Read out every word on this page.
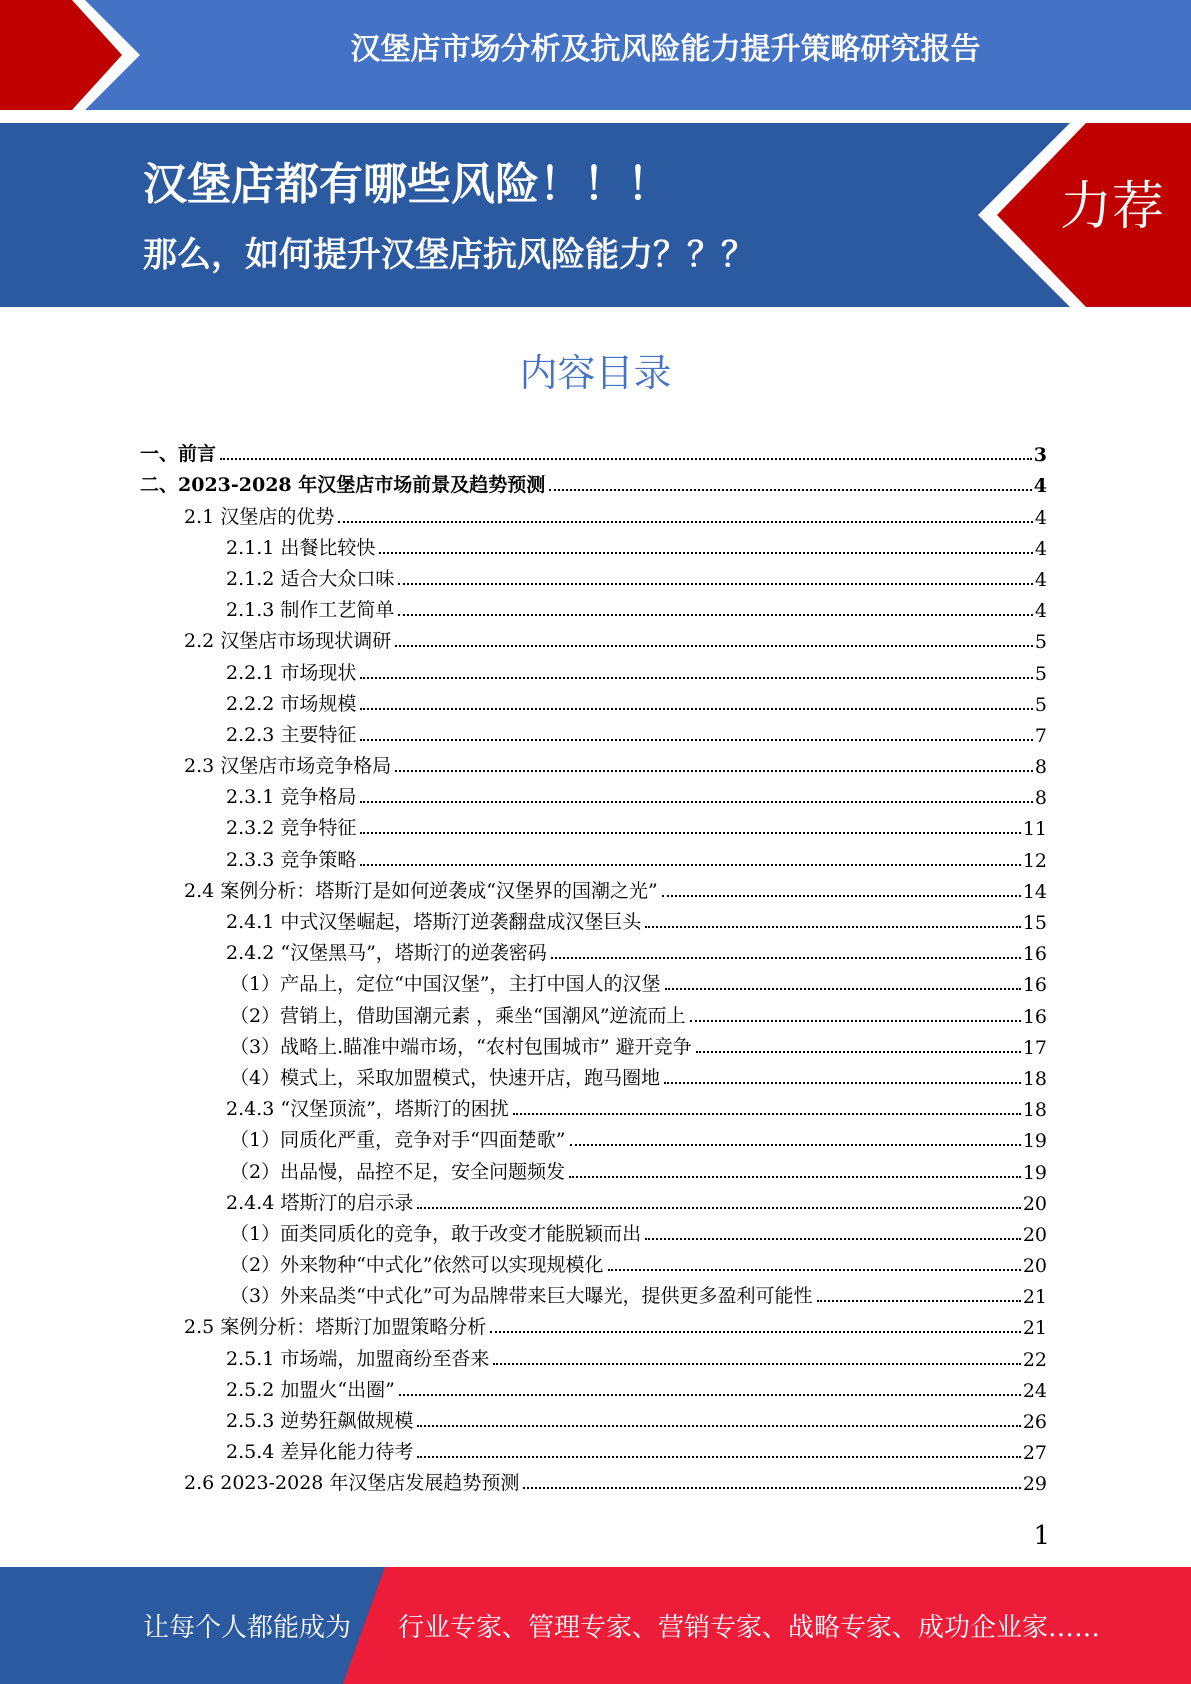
汉堡店市场分析及抗风险能力提升策略研究报告
汉堡店都有哪些风险！！！
那么，如何提升汉堡店抗风险能力？？？
力荐
内容目录
一、前言	3
二、2023-2028 年汉堡店市场前景及趋势预测	4
2.1 汉堡店的优势	4
2.1.1 出餐比较快	4
2.1.2 适合大众口味	4
2.1.3 制作工艺简单	4
2.2 汉堡店市场现状调研	5
2.2.1 市场现状	5
2.2.2 市场规模	5
2.2.3 主要特征	7
2.3 汉堡店市场竞争格局	8
2.3.1 竞争格局	8
2.3.2 竞争特征	11
2.3.3 竞争策略	12
2.4 案例分析：塔斯汀是如何逆袭成“汉堡界的国潮之光”	14
2.4.1 中式汉堡崛起，塔斯汀逆袭翻盘成汉堡巨头	15
2.4.2 “汉堡黑马”，塔斯汀的逆袭密码	16
（1）产品上，定位“中国汉堡”，主打中国人的汉堡	16
（2）营销上，借助国潮元素 ，乘坐“国潮风”逆流而上	16
（3）战略上.瞄准中端市场，“农村包围城市” 避开竞争	17
（4）模式上，采取加盟模式，快速开店，跑马圈地	18
2.4.3 “汉堡顶流”，塔斯汀的困扰	18
（1）同质化严重，竞争对手“四面楚歌”	19
（2）出品慢，品控不足，安全问题频发	19
2.4.4 塔斯汀的启示录	20
（1）面类同质化的竞争，敢于改变才能脱颖而出	20
（2）外来物种“中式化”依然可以实现规模化	20
（3）外来品类“中式化”可为品牌带来巨大曝光，提供更多盈利可能性	21
2.5 案例分析：塔斯汀加盟策略分析	21
2.5.1 市场端，加盟商纷至沓来	22
2.5.2 加盟火“出圈”	24
2.5.3 逆势狂飙做规模	26
2.5.4 差异化能力待考	27
2.6 2023-2028 年汉堡店发展趋势预测	29
1
让每个人都能成为 行业专家、管理专家、营销专家、战略专家、成功企业家……
